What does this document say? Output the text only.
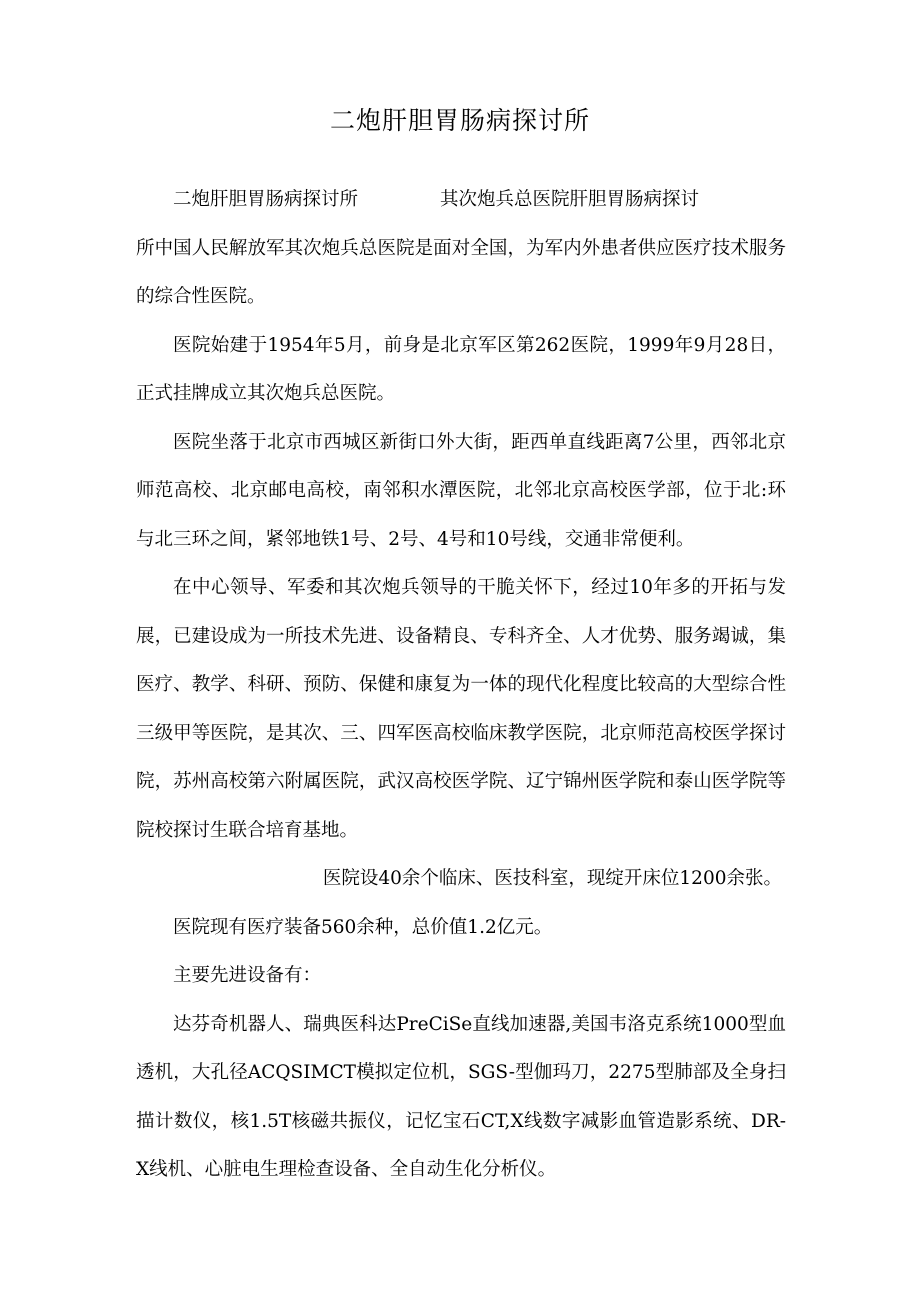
二炮肝胆胃肠病探讨所

二炮肝胆胃肠病探讨所	其次炮兵总医院肝胆胃肠病探讨

所中国人民解放军其次炮兵总医院是面对全国，为军内外患者供应医疗技术服务的综合性医院。

医院始建于1954年5月，前身是北京军区第262医院，1999年9月28日，正式挂牌成立其次炮兵总医院。

医院坐落于北京市西城区新街口外大街，距西单直线距离7公里，西邻北京师范高校、北京邮电高校，南邻积水潭医院，北邻北京高校医学部，位于北:环与北三环之间，紧邻地铁1号、2号、4号和10号线，交通非常便利。

在中心领导、军委和其次炮兵领导的干脆关怀下，经过10年多的开拓与发展，已建设成为一所技术先进、设备精良、专科齐全、人才优势、服务竭诚，集医疗、教学、科研、预防、保健和康复为一体的现代化程度比较高的大型综合性三级甲等医院，是其次、三、四军医高校临床教学医院，北京师范高校医学探讨院，苏州高校第六附属医院，武汉高校医学院、辽宁锦州医学院和泰山医学院等院校探讨生联合培育基地。

医院设40余个临床、医技科室，现绽开床位1200余张。

医院现有医疗装备560余种，总价值1.2亿元。

主要先进设备有：

达芬奇机器人、瑞典医科达PreCiSe直线加速器,美国韦洛克系统1000型血透机，大孔径ACQSIMCT模拟定位机，SGS-型伽玛刀，2275型肺部及全身扫描计数仪，核1.5T核磁共振仪，记忆宝石CT,X线数字减影血管造影系统、DR-X线机、心脏电生理检查设备、全自动生化分析仪。
